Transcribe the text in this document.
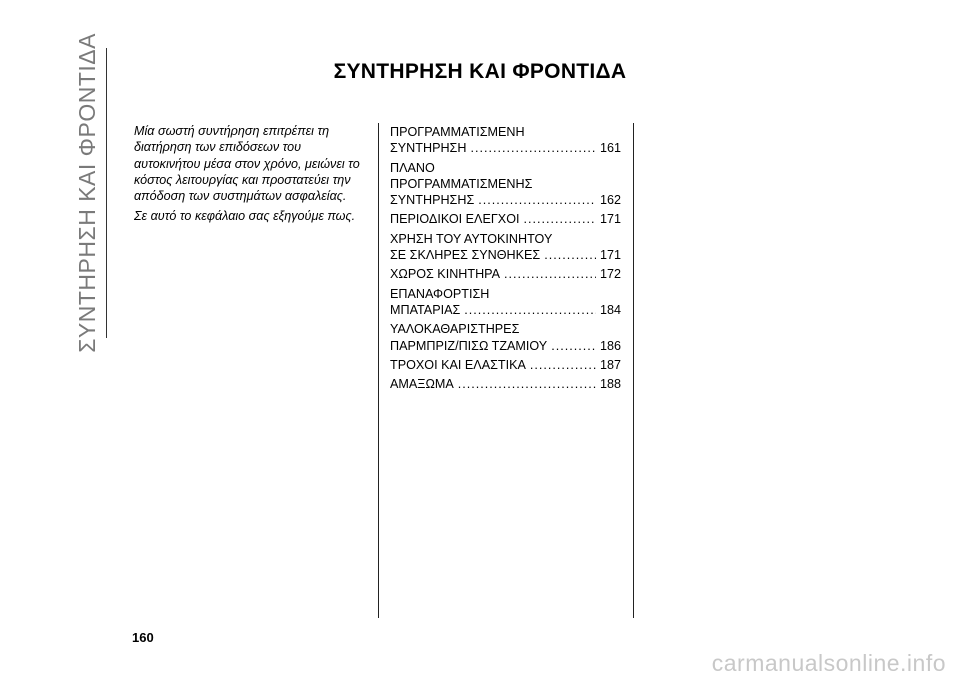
ΣΥΝΤΗΡΗΣΗ ΚΑΙ ΦΡΟΝΤΙΔΑ	ΣΥΝΤΗΡΗΣΗ ΚΑΙ ΦΡΟΝΤΙΔΑ

Μία σωστή συντήρηση επιτρέπει τη διατήρηση των επιδόσεων του αυτοκινήτου μέσα στον χρόνο, μειώνει το κόστος λειτουργίας και προστατεύει την απόδοση των συστημάτων ασφαλείας.

Σε αυτό το κεφάλαιο σας εξηγούμε πως.

ΠΡΟΓΡΑΜΜΑΤΙΣΜΕΝΗ
ΣΥΝΤΗΡΗΣΗ .....	161
ΠΛΑΝΟ
ΠΡΟΓΡΑΜΜΑΤΙΣΜΕΝΗΣ
ΣΥΝΤΗΡΗΣΗΣ .....	162
ΠΕΡΙΟΔΙΚΟΙ ΕΛΕΓΧΟΙ .....	171
ΧΡΗΣΗ ΤΟΥ ΑΥΤΟΚΙΝΗΤΟΥ
ΣΕ ΣΚΛΗΡΕΣ ΣΥΝΘΗΚΕΣ .....	171
ΧΩΡΟΣ ΚΙΝΗΤΗΡΑ .....	172
ΕΠΑΝΑΦΟΡΤΙΣΗ
ΜΠΑΤΑΡΙΑΣ .....	184
ΥΑΛΟΚΑΘΑΡΙΣΤΗΡΕΣ
ΠΑΡΜΠΡΙΖ/ΠΙΣΩ ΤΖΑΜΙΟΥ .....	186
ΤΡΟΧΟΙ ΚΑΙ ΕΛΑΣΤΙΚΑ .....	187
ΑΜΑΞΩΜΑ .....	188
160
carmanualsonline.info
